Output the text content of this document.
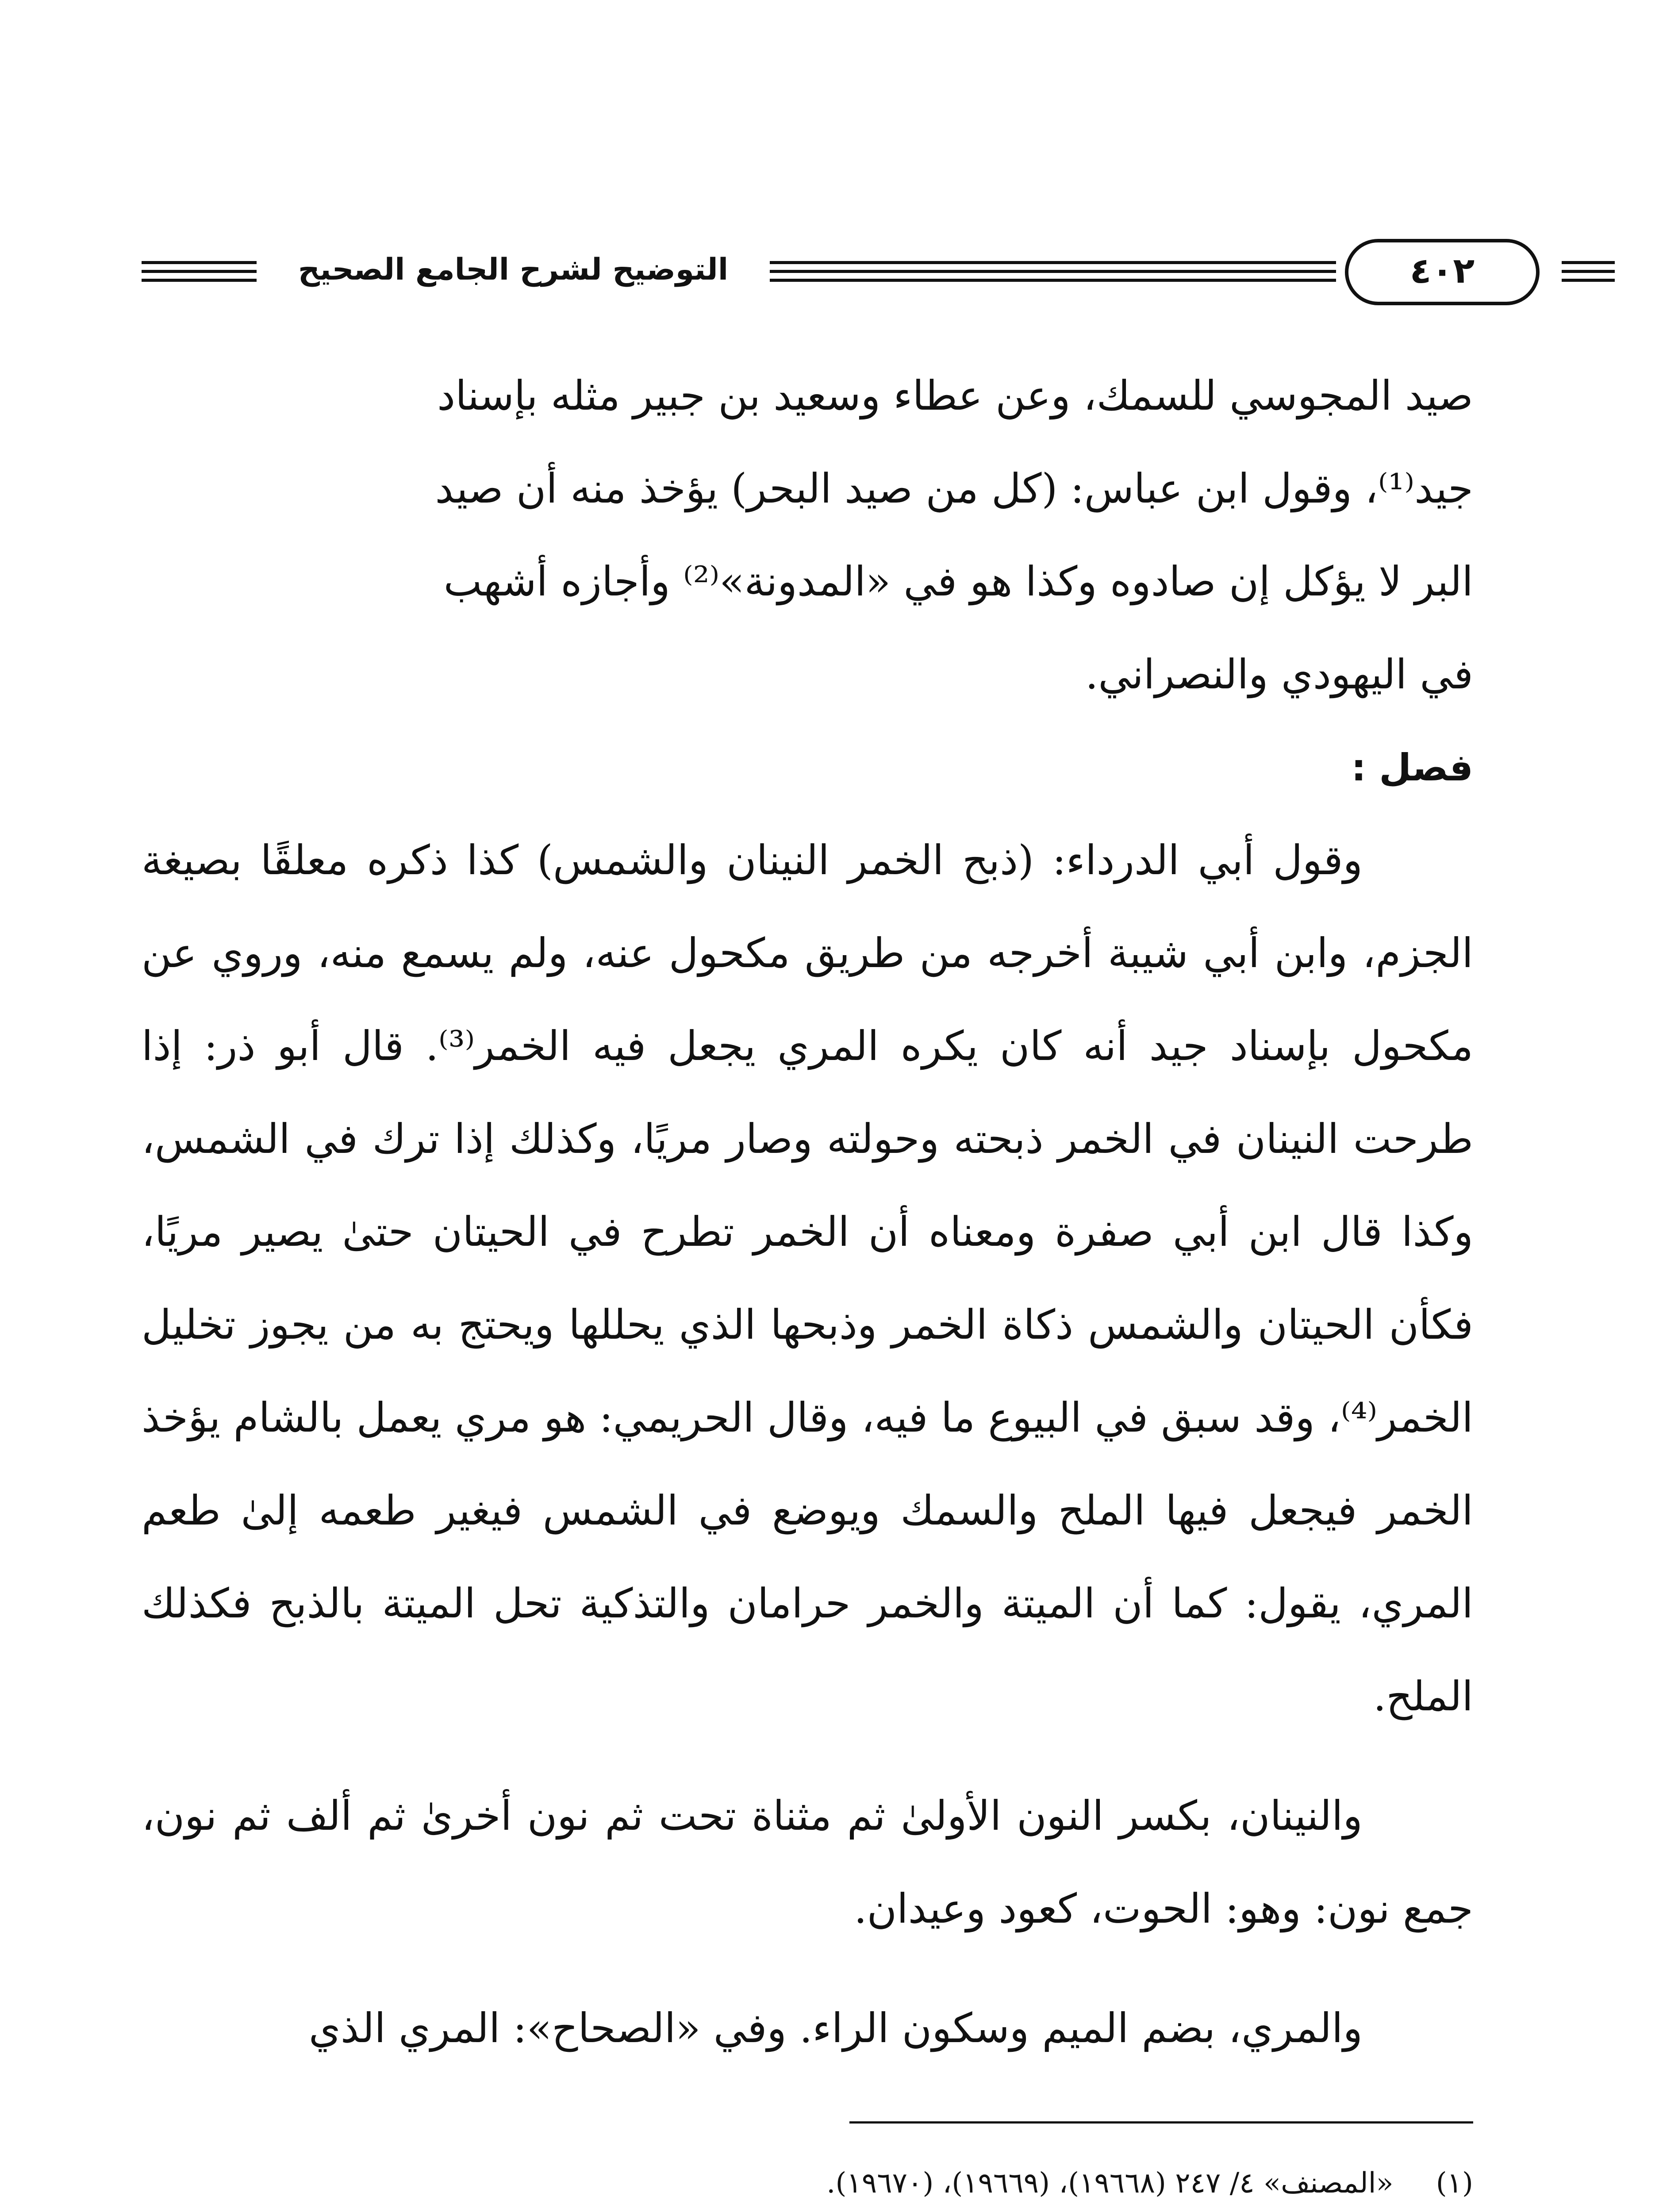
التوضيح لشرح الجامع الصحيح	٤٠٢

صيد المجوسي للسمك، وعن عطاء وسعيد بن جبير مثله بإسناد

جيد⁽¹⁾، وقول ابن عباس: (كل من صيد البحر) يؤخذ منه أن صيد

البر لا يؤكل إن صادوه وكذا هو في «المدونة»⁽²⁾ وأجازه أشهب

في اليهودي والنصراني.

فصل :

وقول أبي الدرداء: (ذبح الخمر النينان والشمس) كذا ذكره معلقًا بصيغة الجزم، وابن أبي شيبة أخرجه من طريق مكحول عنه، ولم يسمع منه، وروي عن مكحول بإسناد جيد أنه كان يكره المري يجعل فيه الخمر⁽³⁾. قال أبو ذر: إذا طرحت النينان في الخمر ذبحته وحولته وصار مريًا، وكذلك إذا ترك في الشمس، وكذا قال ابن أبي صفرة ومعناه أن الخمر تطرح في الحيتان حتىٰ يصير مريًا، فكأن الحيتان والشمس ذكاة الخمر وذبحها الذي يحللها ويحتج به من يجوز تخليل الخمر⁽⁴⁾، وقد سبق في البيوع ما فيه، وقال الحريمي: هو مري يعمل بالشام يؤخذ الخمر فيجعل فيها الملح والسمك ويوضع في الشمس فيغير طعمه إلىٰ طعم المري، يقول: كما أن الميتة والخمر حرامان والتذكية تحل الميتة بالذبح فكذلك الملح.

والنينان، بكسر النون الأولىٰ ثم مثناة تحت ثم نون أخرىٰ ثم ألف ثم نون، جمع نون: وهو: الحوت، كعود وعيدان.

والمري، بضم الميم وسكون الراء. وفي «الصحاح»: المري الذي

(١) «المصنف» ٤/ ٢٤٧ (١٩٦٦٨)، (١٩٦٦٩)، (١٩٦٧٠).
